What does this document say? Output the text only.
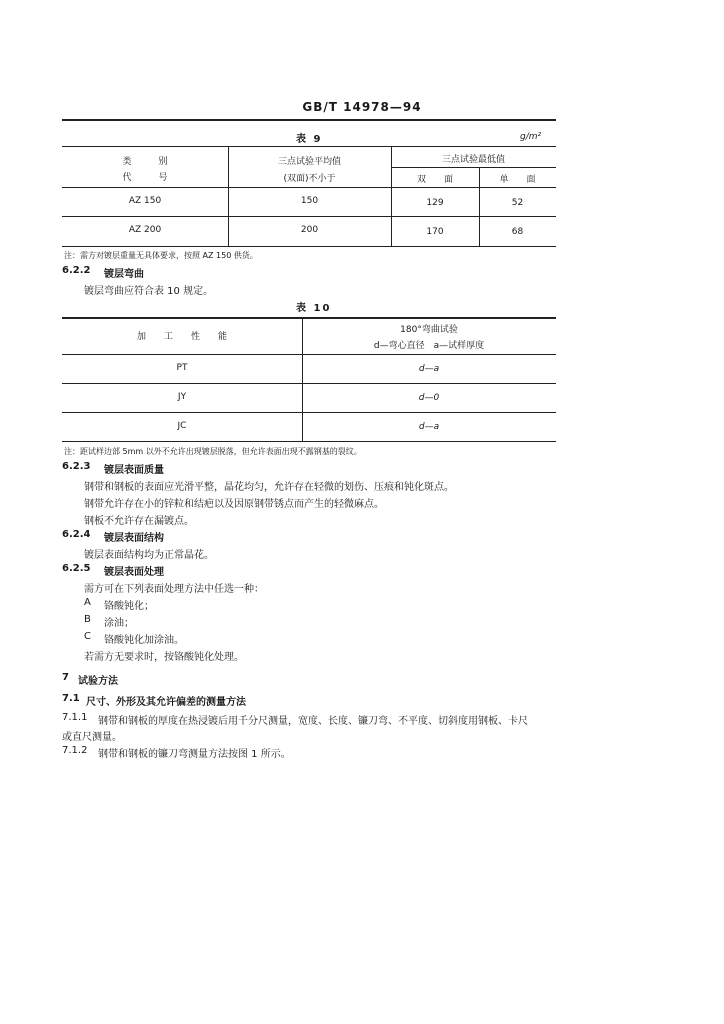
GB/T 14978—94
表 9	g/m²
类　　　别
代　　　号
三点试验平均值
(双面)不小于
三点试验最低值
双　　面	单　　面
AZ 150	150	129	52
AZ 200	200	170	68
注：需方对镀层重量无具体要求，按照 AZ 150 供货。
6.2.2 镀层弯曲
镀层弯曲应符合表 10 规定。
表 10
加　　工　　性　　能
180°弯曲试验
d—弯心直径　a—试样厚度
PT	d—a
JY	d—0
JC	d—a
注：距试样边部 5mm 以外不允许出现镀层脱落，但允许表面出现不露钢基的裂纹。
6.2.3 镀层表面质量
钢带和钢板的表面应光滑平整，晶花均匀，允许存在轻微的划伤、压痕和钝化斑点。
钢带允许存在小的锌粒和结疤以及因原钢带锈点而产生的轻微麻点。
钢板不允许存在漏镀点。
6.2.4 镀层表面结构
镀层表面结构均为正常晶花。
6.2.5 镀层表面处理
需方可在下列表面处理方法中任选一种：
A 铬酸钝化；
B 涂油；
C 铬酸钝化加涂油。
若需方无要求时，按铬酸钝化处理。
7 试验方法
7.1 尺寸、外形及其允许偏差的测量方法
7.1.1 钢带和钢板的厚度在热浸镀后用千分尺测量，宽度、长度、镰刀弯、不平度、切斜度用钢板、卡尺
或直尺测量。
7.1.2 钢带和钢板的镰刀弯测量方法按图 1 所示。
